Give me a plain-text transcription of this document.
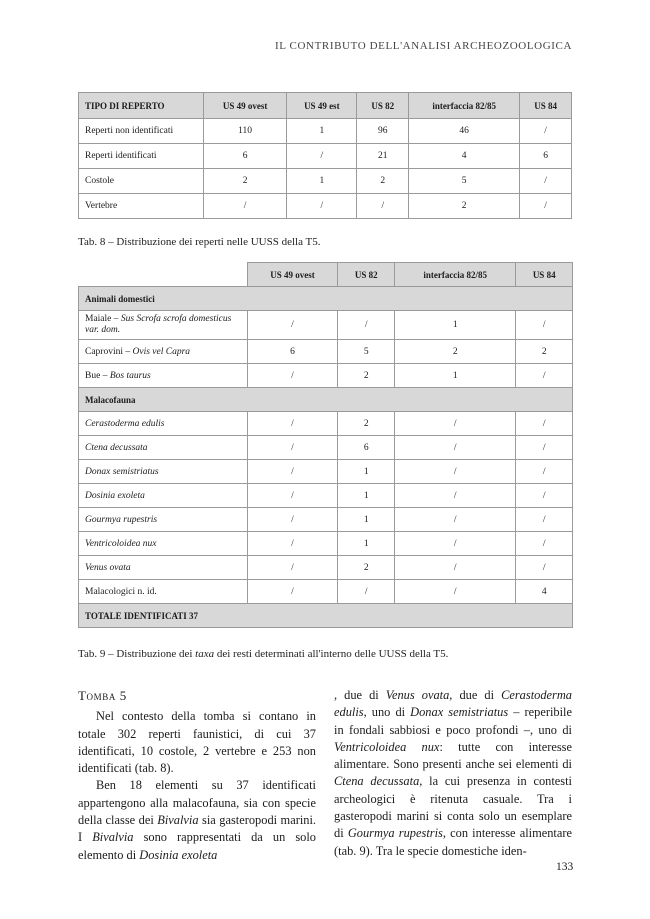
IL CONTRIBUTO DELL'ANALISI ARCHEOZOOLOGICA
TIPO DI REPERTO	US 49 ovest	US 49 est	US 82	interfaccia 82/85	US 84
Reperti non identificati	110	1	96	46	/
Reperti identificati	6	/	21	4	6
Costole	2	1	2	5	/
Vertebre	/	/	/	2	/
Tab. 8 – Distribuzione dei reperti nelle UUSS della T5.
	US 49 ovest	US 82	interfaccia 82/85	US 84
Animali domestici				
Maiale – Sus Scrofa scrofa domesticus var. dom.	/	/	1	/
Caprovini – Ovis vel Capra	6	5	2	2
Bue – Bos taurus	/	2	1	/
Malacofauna				
Cerastoderma edulis	/	2	/	/
Ctena decussata	/	6	/	/
Donax semistriatus	/	1	/	/
Dosinia exoleta	/	1	/	/
Gourmya rupestris	/	1	/	/
Ventricoloidea nux	/	1	/	/
Venus ovata	/	2	/	/
Malacologici n. id.	/	/	/	4
TOTALE IDENTIFICATI 37				
Tab. 9 – Distribuzione dei taxa dei resti determinati all'interno delle UUSS della T5.
Tomba 5

Nel contesto della tomba si contano in totale 302 reperti faunistici, di cui 37 identificati, 10 costole, 2 vertebre e 253 non identificati (tab. 8).

Ben 18 elementi su 37 identificati appartengono alla malacofauna, sia con specie della classe dei Bivalvia sia gasteropodi marini. I Bivalvia sono rappresentati da un solo elemento di Dosinia exoleta

, due di Venus ovata, due di Cerastoderma edulis, uno di Donax semistriatus – reperibile in fondali sabbiosi e poco profondi –, uno di Ventricoloidea nux: tutte con interesse alimentare. Sono presenti anche sei elementi di Ctena decussata, la cui presenza in contesti archeologici è ritenuta casuale. Tra i gasteropodi marini si conta solo un esemplare di Gourmya rupestris, con interesse alimentare (tab. 9). Tra le specie domestiche iden-

133
